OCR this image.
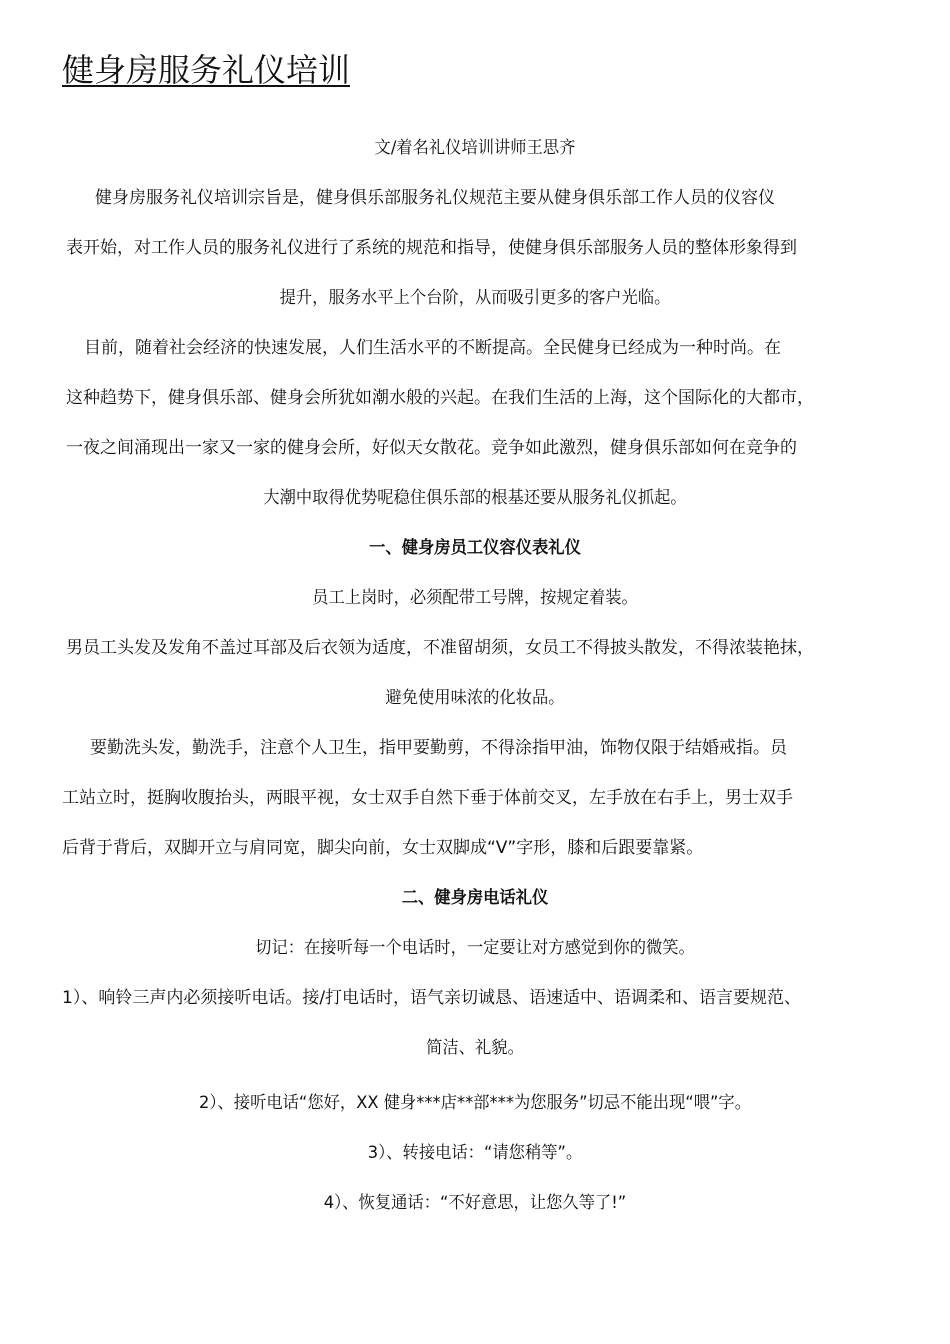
健身房服务礼仪培训
文/着名礼仪培训讲师王思齐
健身房服务礼仪培训宗旨是，健身俱乐部服务礼仪规范主要从健身俱乐部工作人员的仪容仪
表开始，对工作人员的服务礼仪进行了系统的规范和指导，使健身俱乐部服务人员的整体形象得到
提升，服务水平上个台阶，从而吸引更多的客户光临。
目前，随着社会经济的快速发展，人们生活水平的不断提高。全民健身已经成为一种时尚。在
这种趋势下，健身俱乐部、健身会所犹如潮水般的兴起。在我们生活的上海，这个国际化的大都市，
一夜之间涌现出一家又一家的健身会所，好似天女散花。竞争如此激烈，健身俱乐部如何在竞争的
大潮中取得优势呢稳住俱乐部的根基还要从服务礼仪抓起。
一、健身房员工仪容仪表礼仪
员工上岗时，必须配带工号牌，按规定着装。
男员工头发及发角不盖过耳部及后衣领为适度，不准留胡须，女员工不得披头散发，不得浓装艳抹，
避免使用味浓的化妆品。
要勤洗头发，勤洗手，注意个人卫生，指甲要勤剪，不得涂指甲油，饰物仅限于结婚戒指。员
工站立时，挺胸收腹抬头，两眼平视，女士双手自然下垂于体前交叉，左手放在右手上，男士双手
后背于背后，双脚开立与肩同宽，脚尖向前，女士双脚成“V”字形，膝和后跟要靠紧。
二、健身房电话礼仪
切记：在接听每一个电话时，一定要让对方感觉到你的微笑。
1）、响铃三声内必须接听电话。接/打电话时，语气亲切诚恳、语速适中、语调柔和、语言要规范、
简洁、礼貌。
2）、接听电话“您好，XX 健身***店**部***为您服务”切忌不能出现“喂”字。
3）、转接电话：“请您稍等”。
4）、恢复通话：“不好意思，让您久等了!”
